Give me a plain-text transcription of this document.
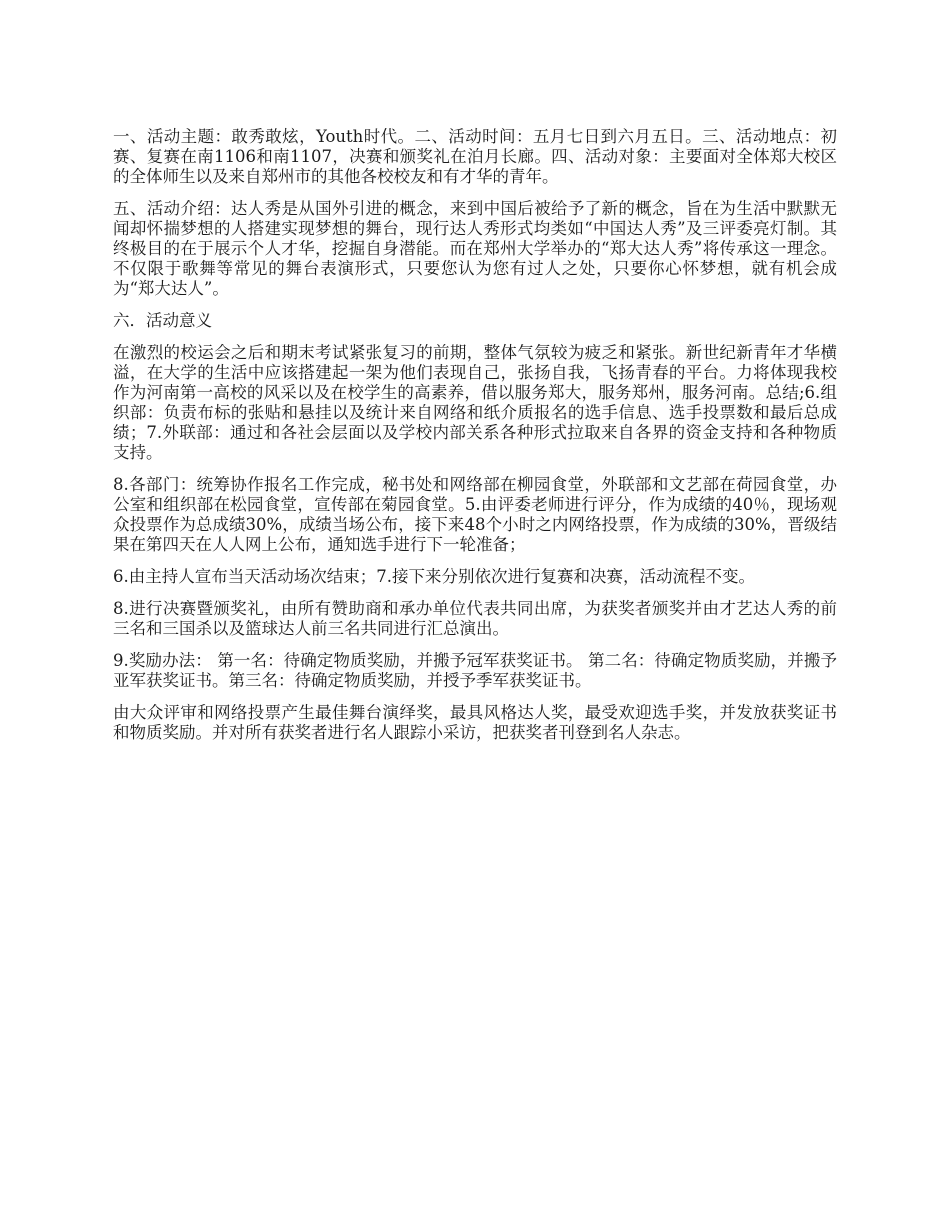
一、活动主题：敢秀敢炫，Youth时代。二、活动时间：五月七日到六月五日。三、活动地点：初赛、复赛在南1106和南1107，决赛和颁奖礼在泊月长廊。四、活动对象：主要面对全体郑大校区的全体师生以及来自郑州市的其他各校校友和有才华的青年。

五、活动介绍：达人秀是从国外引进的概念，来到中国后被给予了新的概念，旨在为生活中默默无闻却怀揣梦想的人搭建实现梦想的舞台，现行达人秀形式均类如“中国达人秀”及三评委亮灯制。其终极目的在于展示个人才华，挖掘自身潜能。而在郑州大学举办的“郑大达人秀”将传承这一理念。不仅限于歌舞等常见的舞台表演形式，只要您认为您有过人之处，只要你心怀梦想，就有机会成为“郑大达人”。

六．活动意义

在激烈的校运会之后和期末考试紧张复习的前期，整体气氛较为疲乏和紧张。新世纪新青年才华横溢，在大学的生活中应该搭建起一架为他们表现自己，张扬自我，飞扬青春的平台。力将体现我校作为河南第一高校的风采以及在校学生的高素养，借以服务郑大，服务郑州，服务河南。总结;6.组织部：负责布标的张贴和悬挂以及统计来自网络和纸介质报名的选手信息、选手投票数和最后总成绩；7.外联部：通过和各社会层面以及学校内部关系各种形式拉取来自各界的资金支持和各种物质支持。

8.各部门：统筹协作报名工作完成，秘书处和网络部在柳园食堂，外联部和文艺部在荷园食堂，办公室和组织部在松园食堂，宣传部在菊园食堂。5.由评委老师进行评分，作为成绩的40％，现场观众投票作为总成绩30%，成绩当场公布，接下来48个小时之内网络投票，作为成绩的30%，晋级结果在第四天在人人网上公布，通知选手进行下一轮准备；

6.由主持人宣布当天活动场次结束；7.接下来分别依次进行复赛和决赛，活动流程不变。

8.进行决赛暨颁奖礼，由所有赞助商和承办单位代表共同出席，为获奖者颁奖并由才艺达人秀的前三名和三国杀以及篮球达人前三名共同进行汇总演出。

9.奖励办法： 第一名：待确定物质奖励，并搬予冠军获奖证书。 第二名：待确定物质奖励，并搬予亚军获奖证书。第三名：待确定物质奖励，并授予季军获奖证书。

由大众评审和网络投票产生最佳舞台演绎奖，最具风格达人奖，最受欢迎选手奖，并发放获奖证书和物质奖励。并对所有获奖者进行名人跟踪小采访，把获奖者刊登到名人杂志。
